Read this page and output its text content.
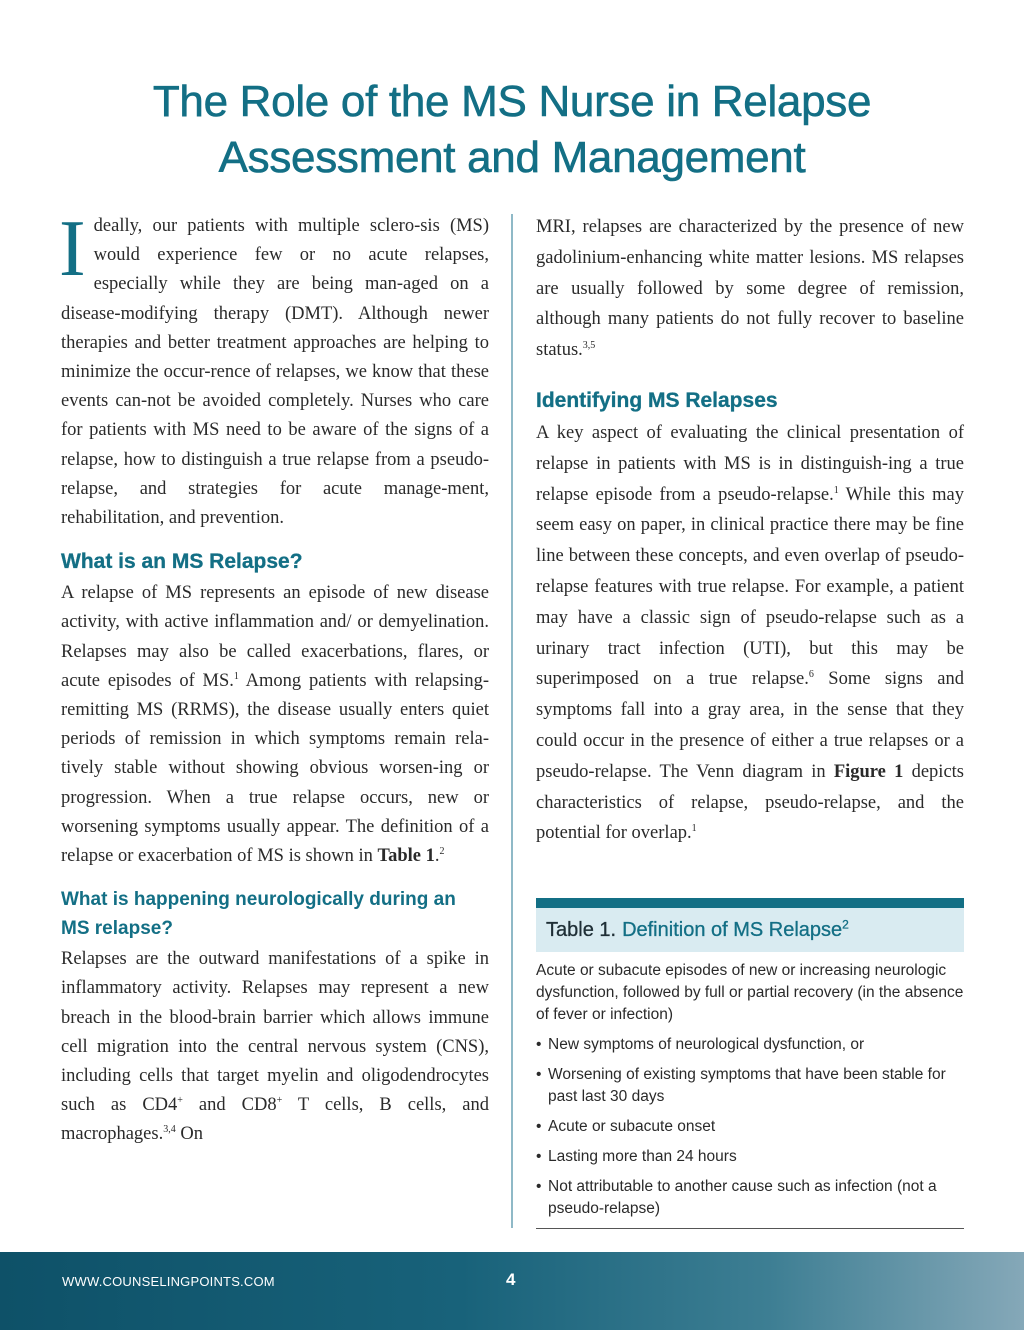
The Role of the MS Nurse in Relapse
Assessment and Management

Ideally, our patients with multiple sclero-sis (MS) would experience few or no acute relapses, especially while they are being man-aged on a disease-modifying therapy (DMT). Although newer therapies and better treatment approaches are helping to minimize the occur-rence of relapses, we know that these events can-not be avoided completely. Nurses who care for patients with MS need to be aware of the signs of a relapse, how to distinguish a true relapse from a pseudo-relapse, and strategies for acute manage-ment, rehabilitation, and prevention.

What is an MS Relapse?

A relapse of MS represents an episode of new disease activity, with active inflammation and/ or demyelination. Relapses may also be called exacerbations, flares, or acute episodes of MS.$^1$ Among patients with relapsing-remitting MS (RRMS), the disease usually enters quiet periods of remission in which symptoms remain rela-tively stable without showing obvious worsen-ing or progression. When a true relapse occurs, new or worsening symptoms usually appear. The definition of a relapse or exacerbation of MS is shown in Table 1.$^2$

What is happening neurologically during an MS relapse?

Relapses are the outward manifestations of a spike in inflammatory activity. Relapses may represent a new breach in the blood-brain barrier which allows immune cell migration into the central nervous system (CNS), including cells that target myelin and oligodendrocytes such as CD4+ and CD8+ T cells, B cells, and macrophages.$^{3,4}$ On

MRI, relapses are characterized by the presence of new gadolinium-enhancing white matter lesions. MS relapses are usually followed by some degree of remission, although many patients do not fully recover to baseline status.$^{3,5}$

Identifying MS Relapses

A key aspect of evaluating the clinical presentation of relapse in patients with MS is in distinguish-ing a true relapse episode from a pseudo-relapse.$^1$ While this may seem easy on paper, in clinical practice there may be fine line between these concepts, and even overlap of pseudo-relapse features with true relapse. For example, a patient may have a classic sign of pseudo-relapse such as a urinary tract infection (UTI), but this may be superimposed on a true relapse.$^6$ Some signs and symptoms fall into a gray area, in the sense that they could occur in the presence of either a true relapses or a pseudo-relapse. The Venn diagram in Figure 1 depicts characteristics of relapse, pseudo-relapse, and the potential for overlap.$^1$

Table 1. Definition of MS Relapse$^2$

Acute or subacute episodes of new or increasing neurologic dysfunction, followed by full or partial recovery (in the absence of fever or infection)

• New symptoms of neurological dysfunction, or
• Worsening of existing symptoms that have been stable for past last 30 days
• Acute or subacute onset
• Lasting more than 24 hours
• Not attributable to another cause such as infection (not a pseudo-relapse)
WWW.COUNSELINGPOINTS.COM	4
